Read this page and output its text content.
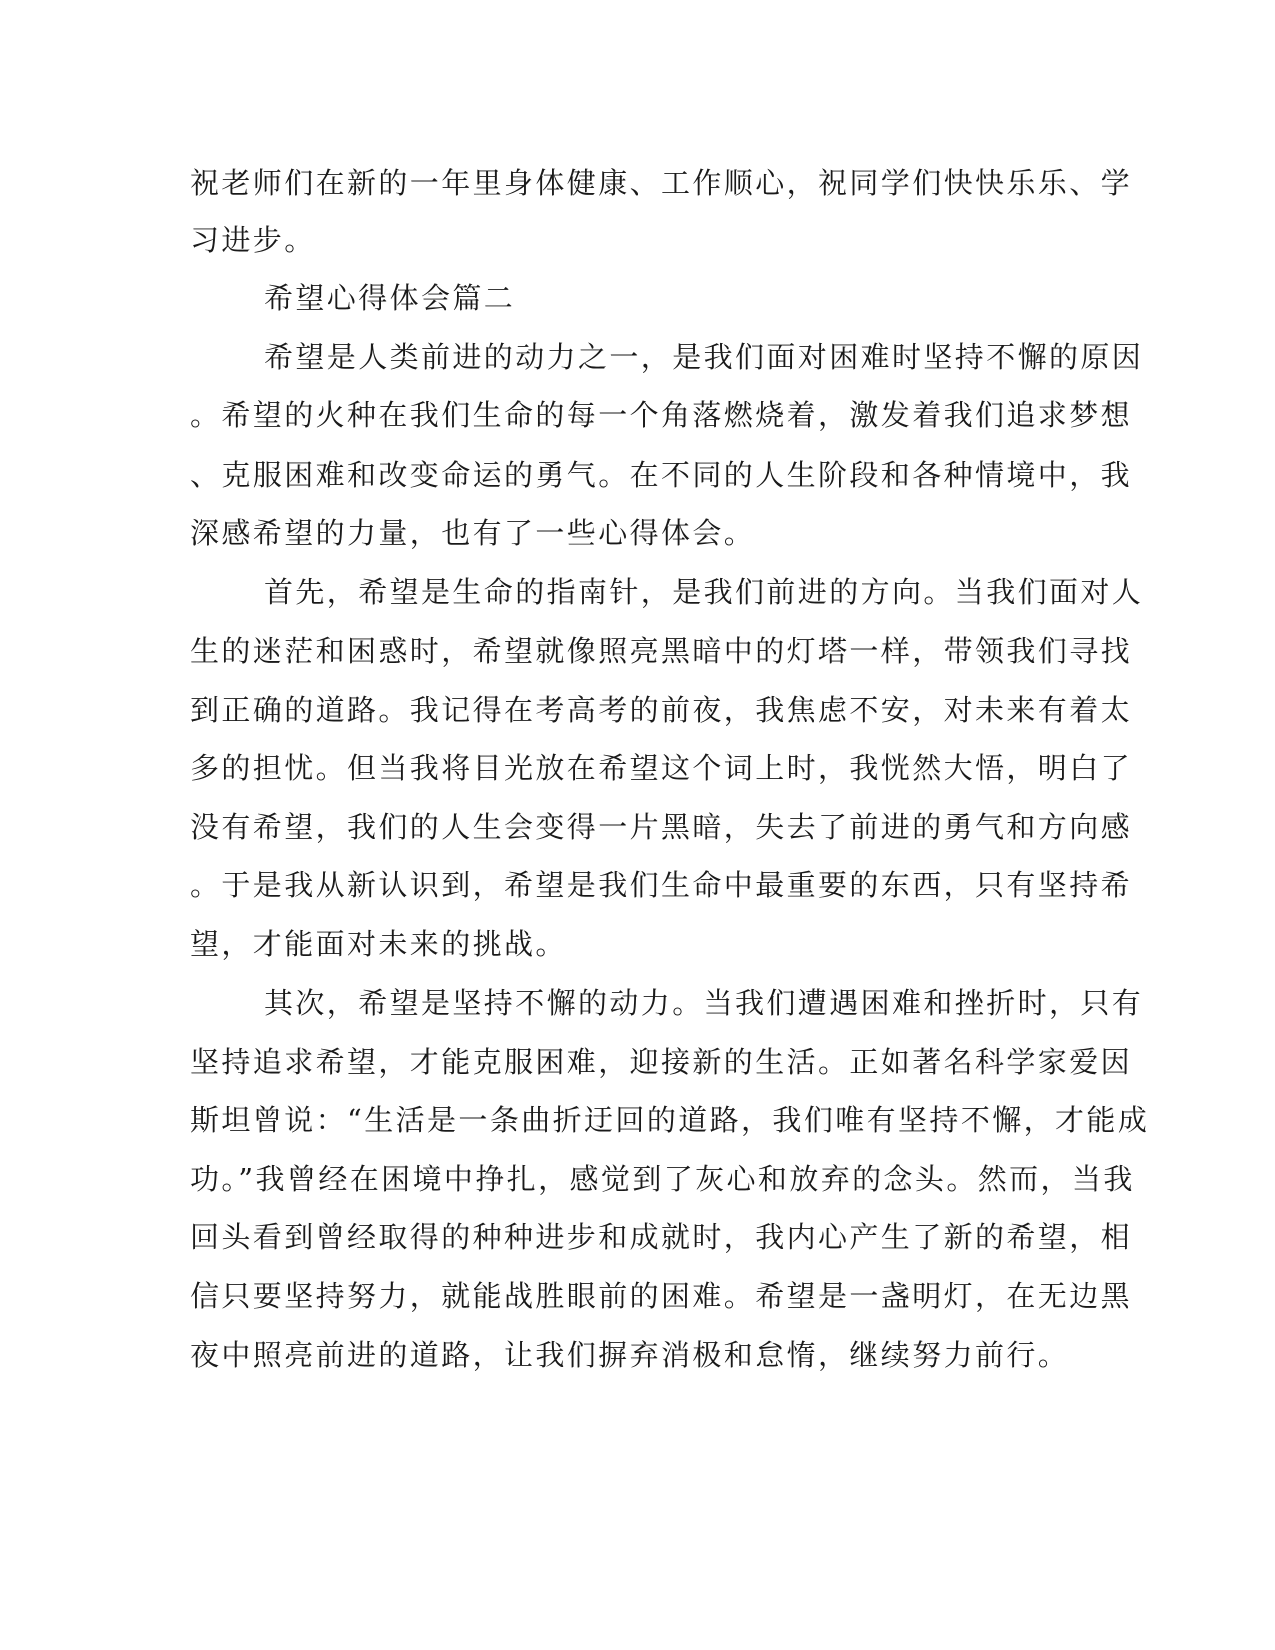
祝老师们在新的一年里身体健康、工作顺心，祝同学们快快乐乐、学
习进步。
希望心得体会篇二
希望是人类前进的动力之一，是我们面对困难时坚持不懈的原因
。希望的火种在我们生命的每一个角落燃烧着，激发着我们追求梦想
、克服困难和改变命运的勇气。在不同的人生阶段和各种情境中，我
深感希望的力量，也有了一些心得体会。
首先，希望是生命的指南针，是我们前进的方向。当我们面对人
生的迷茫和困惑时，希望就像照亮黑暗中的灯塔一样，带领我们寻找
到正确的道路。我记得在考高考的前夜，我焦虑不安，对未来有着太
多的担忧。但当我将目光放在希望这个词上时，我恍然大悟，明白了
没有希望，我们的人生会变得一片黑暗，失去了前进的勇气和方向感
。于是我从新认识到，希望是我们生命中最重要的东西，只有坚持希
望，才能面对未来的挑战。
其次，希望是坚持不懈的动力。当我们遭遇困难和挫折时，只有
坚持追求希望，才能克服困难，迎接新的生活。正如著名科学家爱因
斯坦曾说：“生活是一条曲折迂回的道路，我们唯有坚持不懈，才能成
功。”我曾经在困境中挣扎，感觉到了灰心和放弃的念头。然而，当我
回头看到曾经取得的种种进步和成就时，我内心产生了新的希望，相
信只要坚持努力，就能战胜眼前的困难。希望是一盏明灯，在无边黑
夜中照亮前进的道路，让我们摒弃消极和怠惰，继续努力前行。
